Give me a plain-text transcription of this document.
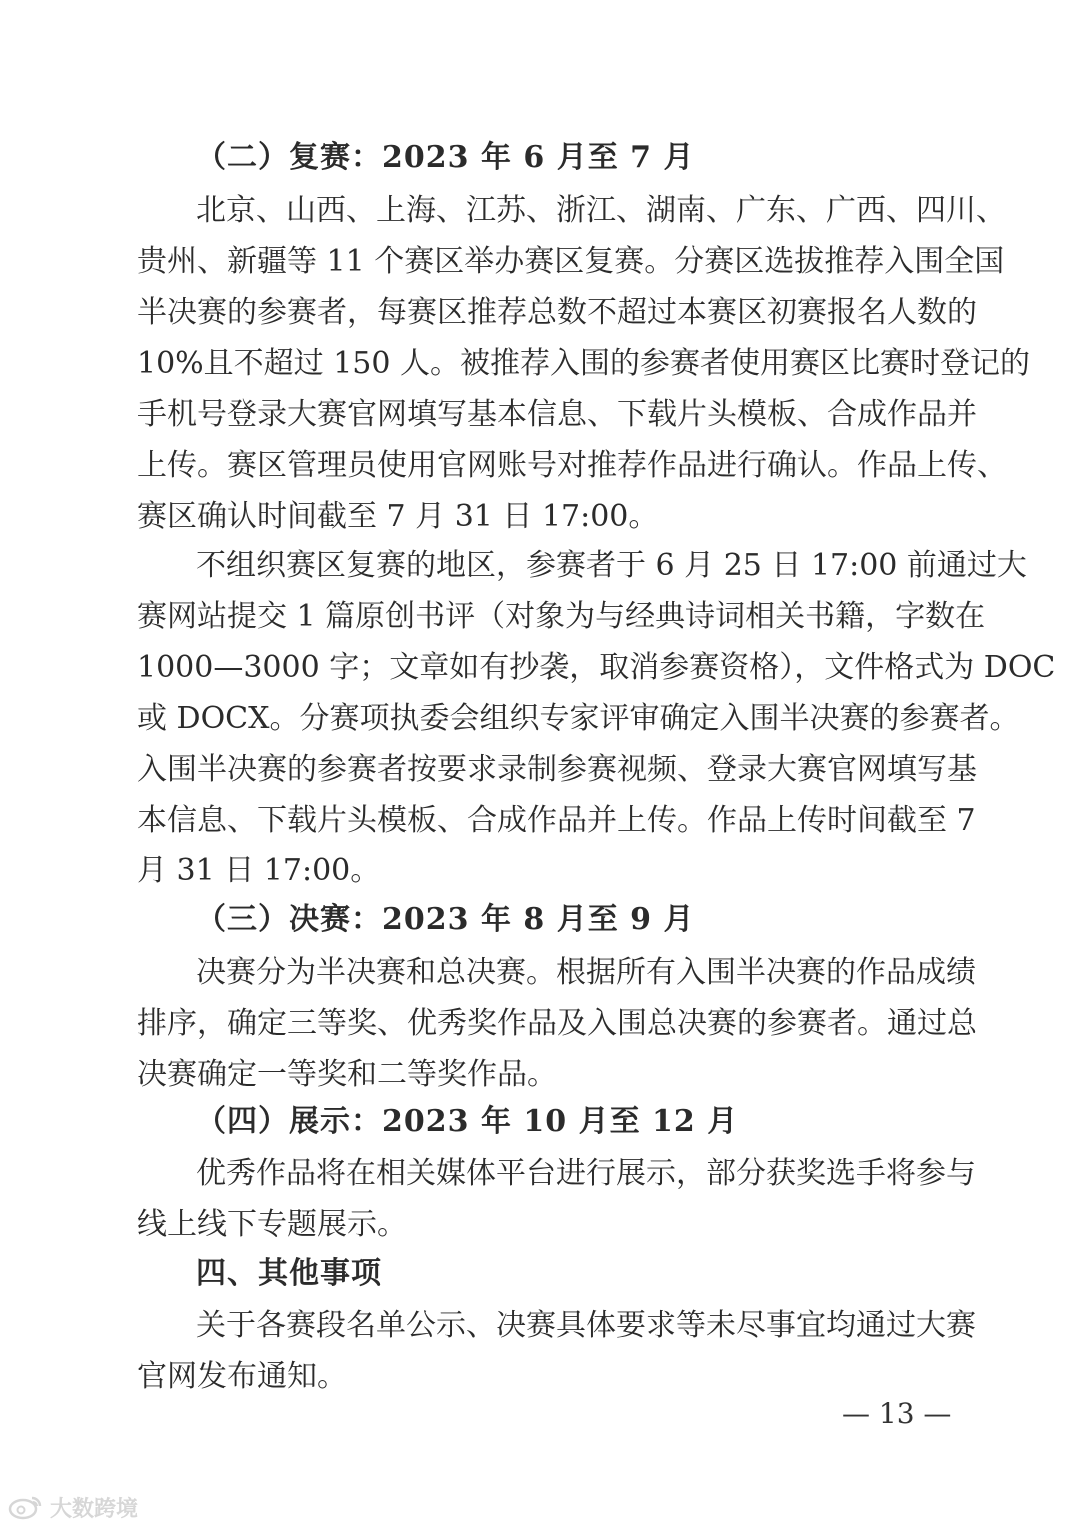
（二）复赛：2023 年 6 月至 7 月
北京、山西、上海、江苏、浙江、湖南、广东、广西、四川、
贵州、新疆等 11 个赛区举办赛区复赛。分赛区选拔推荐入围全国
半决赛的参赛者，每赛区推荐总数不超过本赛区初赛报名人数的
10%且不超过 150 人。被推荐入围的参赛者使用赛区比赛时登记的
手机号登录大赛官网填写基本信息、下载片头模板、合成作品并
上传。赛区管理员使用官网账号对推荐作品进行确认。作品上传、
赛区确认时间截至 7 月 31 日 17:00。
不组织赛区复赛的地区，参赛者于 6 月 25 日 17:00 前通过大
赛网站提交 1 篇原创书评（对象为与经典诗词相关书籍，字数在
1000—3000 字；文章如有抄袭，取消参赛资格），文件格式为 DOC
或 DOCX。分赛项执委会组织专家评审确定入围半决赛的参赛者。
入围半决赛的参赛者按要求录制参赛视频、登录大赛官网填写基
本信息、下载片头模板、合成作品并上传。作品上传时间截至 7
月 31 日 17:00。
（三）决赛：2023 年 8 月至 9 月
决赛分为半决赛和总决赛。根据所有入围半决赛的作品成绩
排序，确定三等奖、优秀奖作品及入围总决赛的参赛者。通过总
决赛确定一等奖和二等奖作品。
（四）展示：2023 年 10 月至 12 月
优秀作品将在相关媒体平台进行展示，部分获奖选手将参与
线上线下专题展示。
四、其他事项
关于各赛段名单公示、决赛具体要求等未尽事宜均通过大赛
官网发布通知。
— 13 —
大数跨境
